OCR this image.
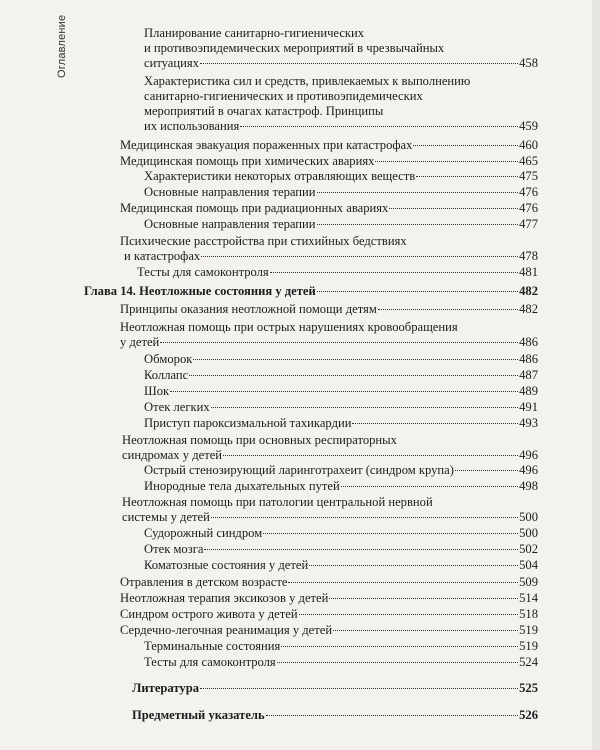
Оглавление	Планирование санитарно-гигиенических
и противоэпидемических мероприятий в чрезвычайных
ситуациях	458
Характеристика сил и средств, привлекаемых к выполнению
санитарно-гигиенических и противоэпидемических
мероприятий в очагах катастроф. Принципы
их использования	459
Медицинская эвакуация пораженных при катастрофах	460
Медицинская помощь при химических авариях	465
Характеристики некоторых отравляющих веществ	475
Основные направления терапии	476
Медицинская помощь при радиационных авариях	476
Основные направления терапии	477
Психические расстройства при стихийных бедствиях
и катастрофах	478
Тесты для самоконтроля	481
Глава 14. Неотложные состояния у детей	482
Принципы оказания неотложной помощи детям	482
Неотложная помощь при острых нарушениях кровообращения
у детей	486
Обморок	486
Коллапс	487
Шок	489
Отек легких	491
Приступ пароксизмальной тахикардии	493
Неотложная помощь при основных респираторных
синдромах у детей	496
Острый стенозирующий ларинготрахеит (синдром крупа)	496
Инородные тела дыхательных путей	498
Неотложная помощь при патологии центральной нервной
системы у детей	500
Судорожный синдром	500
Отек мозга	502
Коматозные состояния у детей	504
Отравления в детском возрасте	509
Неотложная терапия эксикозов у детей	514
Синдром острого живота у детей	518
Сердечно-легочная реанимация у детей	519
Терминальные состояния	519
Тесты для самоконтроля	524
Литература	525
Предметный указатель	526
